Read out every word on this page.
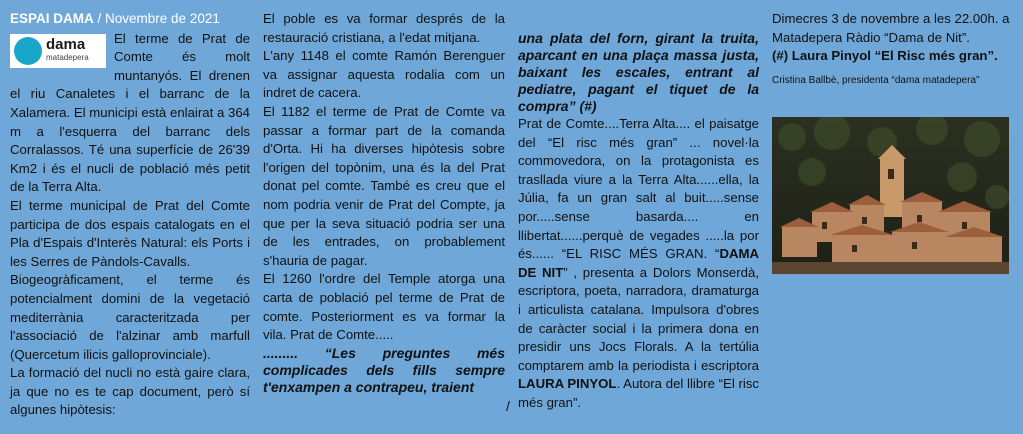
ESPAI DAMA / Novembre de 2021
dama
matadepera

El terme de Prat de Comte és molt muntanyós. El drenen el riu Canaletes i el barranc de la Xalamera. El municipi està enlairat a 364 m a l'esquerra del barranc dels Corralassos. Té una superfície de 26'39 Km2 i és el nucli de població més petit de la Terra Alta.

El terme municipal de Prat del Comte participa de dos espais catalogats en el Pla d'Espais d'Interès Natural: els Ports i les Serres de Pàndols-Cavalls.

Biogeogràficament, el terme és potencialment domini de la vegetació mediterrània caracteritzada per l'associació de l'alzinar amb marfull (Quercetum ilicis galloprovinciale).

La formació del nucli no està gaire clara, ja que no es te cap document, però sí algunes hipòtesis:

El poble es va formar després de la restauració cristiana, a l'edat mitjana.

L'any 1148 el comte Ramón Berenguer va assignar aquesta rodalia com un indret de cacera.

El 1182 el terme de Prat de Comte va passar a formar part de la comanda d'Orta. Hi ha diverses hipòtesis sobre l'origen del topònim, una és la del Prat donat pel comte. També es creu que el nom podria venir de Prat del Compte, ja que per la seva situació podria ser una de les entrades, on probablement s'hauria de pagar.

El 1260 l'ordre del Temple atorga una carta de població pel terme de Prat de comte. Posteriorment es va formar la vila. Prat de Comte.....

......... “Les preguntes més complicades dels fills sempre t'enxampen a contrapeu, traient

/

una plata del forn, girant la truita, aparcant en una plaça massa justa, baixant les escales, entrant al pediatre, pagant el tiquet de la compra” (#)

Prat de Comte....Terra Alta.... el paisatge del “El risc més gran” ... novel·la commovedora, on la protagonista es trasllada viure a la Terra Alta......ella, la Júlia, fa un gran salt al buit.....sense por.....sense basarda.... en llibertat......perquè de vegades .....la por és...... “EL RISC MÉS GRAN. “DAMA DE NIT” , presenta a Dolors Monserdà, escriptora, poeta, narradora, dramaturga i articulista catalana. Impulsora d'obres de caràcter social i la primera dona en presidir uns Jocs Florals. A la tertúlia comptarem amb la periodista i escriptora LAURA PINYOL. Autora del llibre “El risc més gran”.

Dimecres 3 de novembre a les 22.00h. a Matadepera Ràdio “Dama de Nit”.

(#) Laura Pinyol “El Risc més gran”.

Cristina Ballbè, presidenta “dama matadepera”
